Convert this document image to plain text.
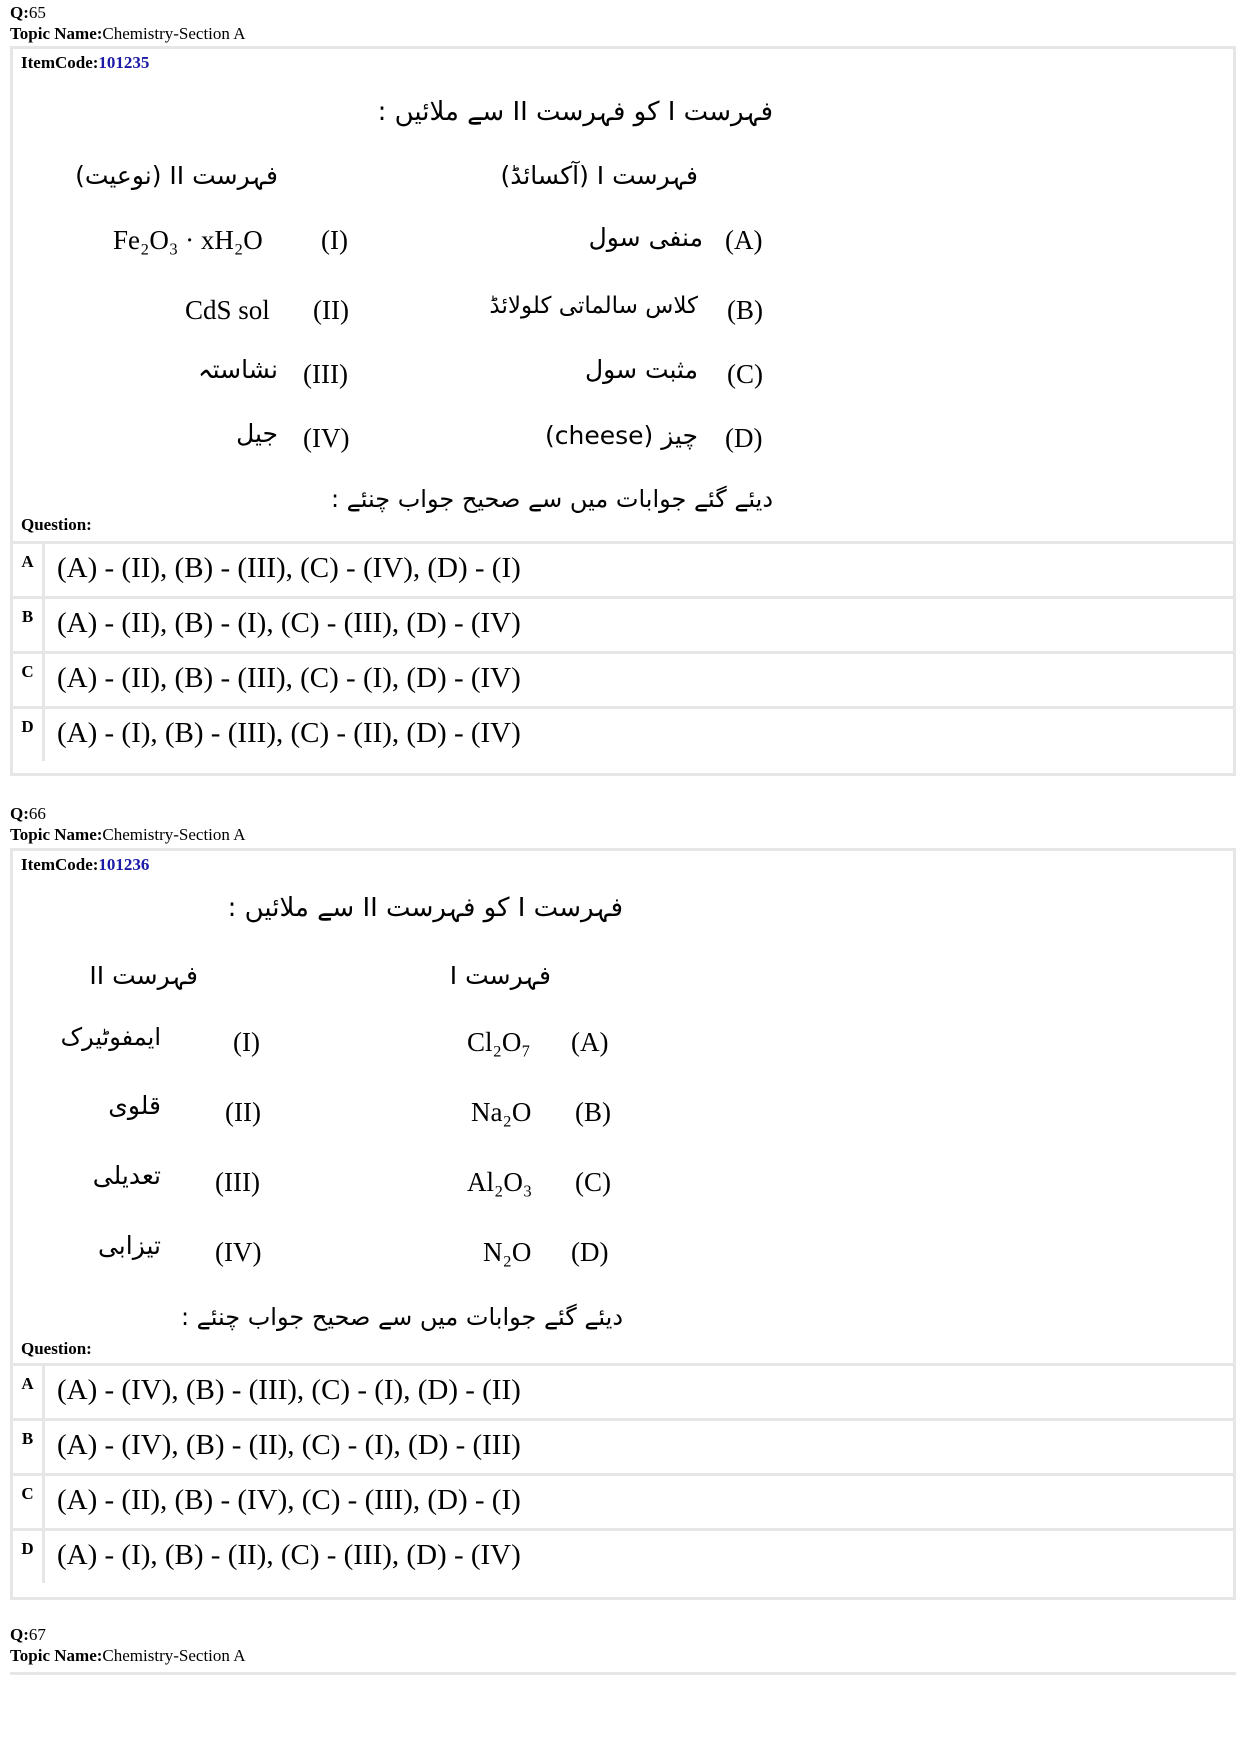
Q:65
Topic Name:Chemistry-Section A
ItemCode:101235
فہرست I کو فہرست II سے ملائیں :
فہرست I (آکسائڈ)
فہرست II (نوعیت)
(A)
منفی سول
(B)
کلاس سالماتی کلولائڈ
(C)
مثبت سول
(D)
چیز (cheese)
(I)
Fe₂O₃ · xH₂O
(II)
CdS sol
(III)
نشاستہ
(IV)
جیل
دیئے گئے جوابات میں سے صحیح جواب چنئے :
Question:
A (A) - (II), (B) - (III), (C) - (IV), (D) - (I)
B (A) - (II), (B) - (I), (C) - (III), (D) - (IV)
C (A) - (II), (B) - (III), (C) - (I), (D) - (IV)
D (A) - (I), (B) - (III), (C) - (II), (D) - (IV)
Q:66
Topic Name:Chemistry-Section A
ItemCode:101236
فہرست I کو فہرست II سے ملائیں :
فہرست I
فہرست II
(A)
Cl₂O₇
(B)
Na₂O
(C)
Al₂O₃
(D)
N₂O
(I)
ایمفوٹیرک
(II)
قلوی
(III)
تعدیلی
(IV)
تیزابی
دیئے گئے جوابات میں سے صحیح جواب چنئے :
Question:
A (A) - (IV), (B) - (III), (C) - (I), (D) - (II)
B (A) - (IV), (B) - (II), (C) - (I), (D) - (III)
C (A) - (II), (B) - (IV), (C) - (III), (D) - (I)
D (A) - (I), (B) - (II), (C) - (III), (D) - (IV)
Q:67
Topic Name:Chemistry-Section A
